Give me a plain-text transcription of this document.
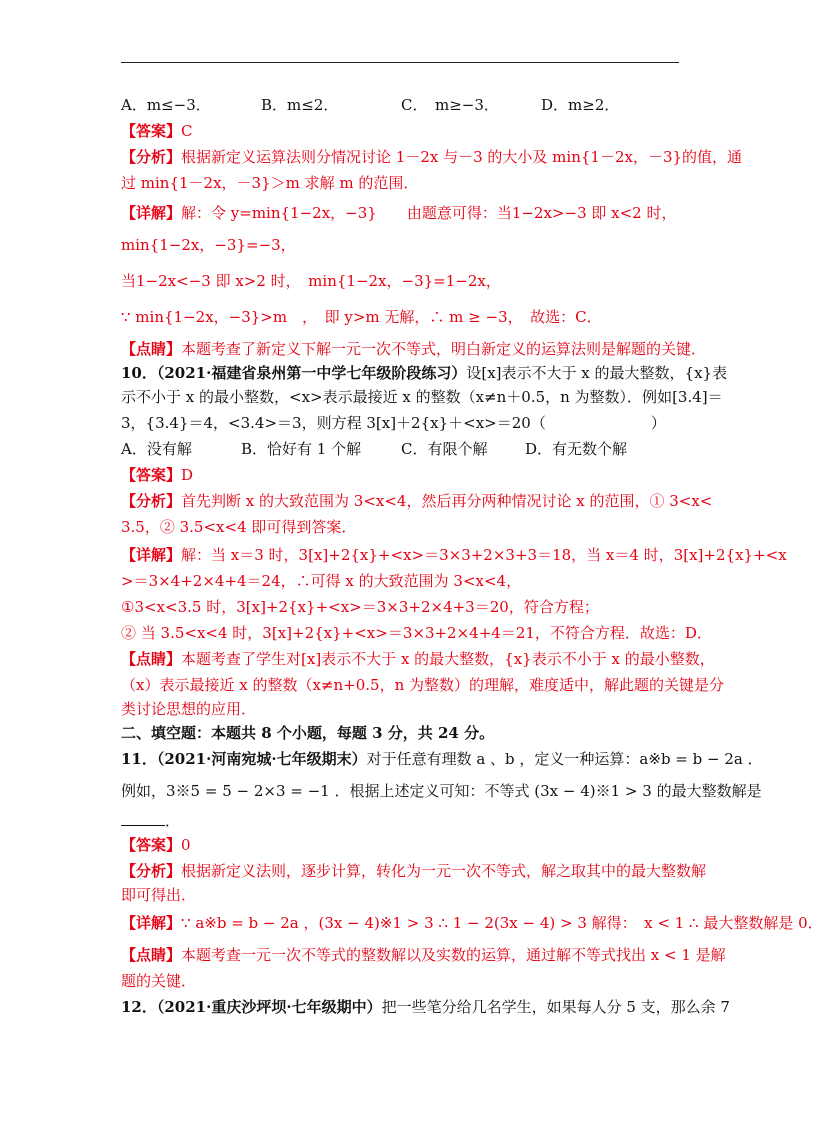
A．m≤−3．	B．m≤2．	C．　m≥−3．	D．m≥2．
【答案】C
【分析】根据新定义运算法则分情况讨论 1－2x 与－3 的大小及 min{1－2x，－3}的值，通
过 min{1－2x，－3}＞m 求解 m 的范围．
【详解】解：令 y=min{1−2x，−3}　　由题意可得：当1−2x>−3 即 x<2 时，
min{1−2x，−3}=−3，
当1−2x<−3 即 x>2 时，　min{1−2x，−3}=1−2x，
∵ min{1−2x，−3}>m　，　即 y>m 无解，∴ m ≥ −3，　故选：C．
【点睛】本题考查了新定义下解一元一次不等式，明白新定义的运算法则是解题的关键．
10．（2021·福建省泉州第一中学七年级阶段练习）设[x]表示不大于 x 的最大整数，{x}表
示不小于 x 的最小整数，<x>表示最接近 x 的整数（x≠n＋0.5，n 为整数）．例如[3.4]＝
3，{3.4}＝4，<3.4>＝3，则方程 3[x]＋2{x}＋<x>＝20（　　　　　　　）
A．没有解	B．恰好有 1 个解	C．有限个解	D．有无数个解
【答案】D
【分析】首先判断 x 的大致范围为 3<x<4，然后再分两种情况讨论 x 的范围，① 3<x<
3.5，② 3.5<x<4 即可得到答案．
【详解】解：当 x＝3 时，3[x]+2{x}+<x>＝3×3+2×3+3＝18，当 x＝4 时，3[x]+2{x}+<x
>＝3×4+2×4+4＝24，∴可得 x 的大致范围为 3<x<4，
①3<x<3.5 时，3[x]+2{x}+<x>＝3×3+2×4+3＝20，符合方程；
② 当 3.5<x<4 时，3[x]+2{x}+<x>＝3×3+2×4+4＝21，不符合方程．故选：D．
【点睛】本题考查了学生对[x]表示不大于 x 的最大整数，{x}表示不小于 x 的最小整数，
（x）表示最接近 x 的整数（x≠n+0.5，n 为整数）的理解，难度适中，解此题的关键是分
类讨论思想的应用．
二、填空题：本题共 8 个小题，每题 3 分，共 24 分。
11．（2021·河南宛城·七年级期末）对于任意有理数 a 、b ，定义一种运算：a※b = b − 2a ．
例如，3※5 = 5 − 2×3 = −1 ．根据上述定义可知：不等式 (3x − 4)※1 > 3 的最大整数解是
．
【答案】0
【分析】根据新定义法则，逐步计算，转化为一元一次不等式，解之取其中的最大整数解
即可得出．
【详解】∵ a※b = b − 2a ，(3x − 4)※1 > 3 ∴ 1 − 2(3x − 4) > 3 解得：　x < 1 ∴ 最大整数解是 0．
【点睛】本题考查一元一次不等式的整数解以及实数的运算，通过解不等式找出 x < 1 是解
题的关键．
12．（2021·重庆沙坪坝·七年级期中）把一些笔分给几名学生，如果每人分 5 支，那么余 7
